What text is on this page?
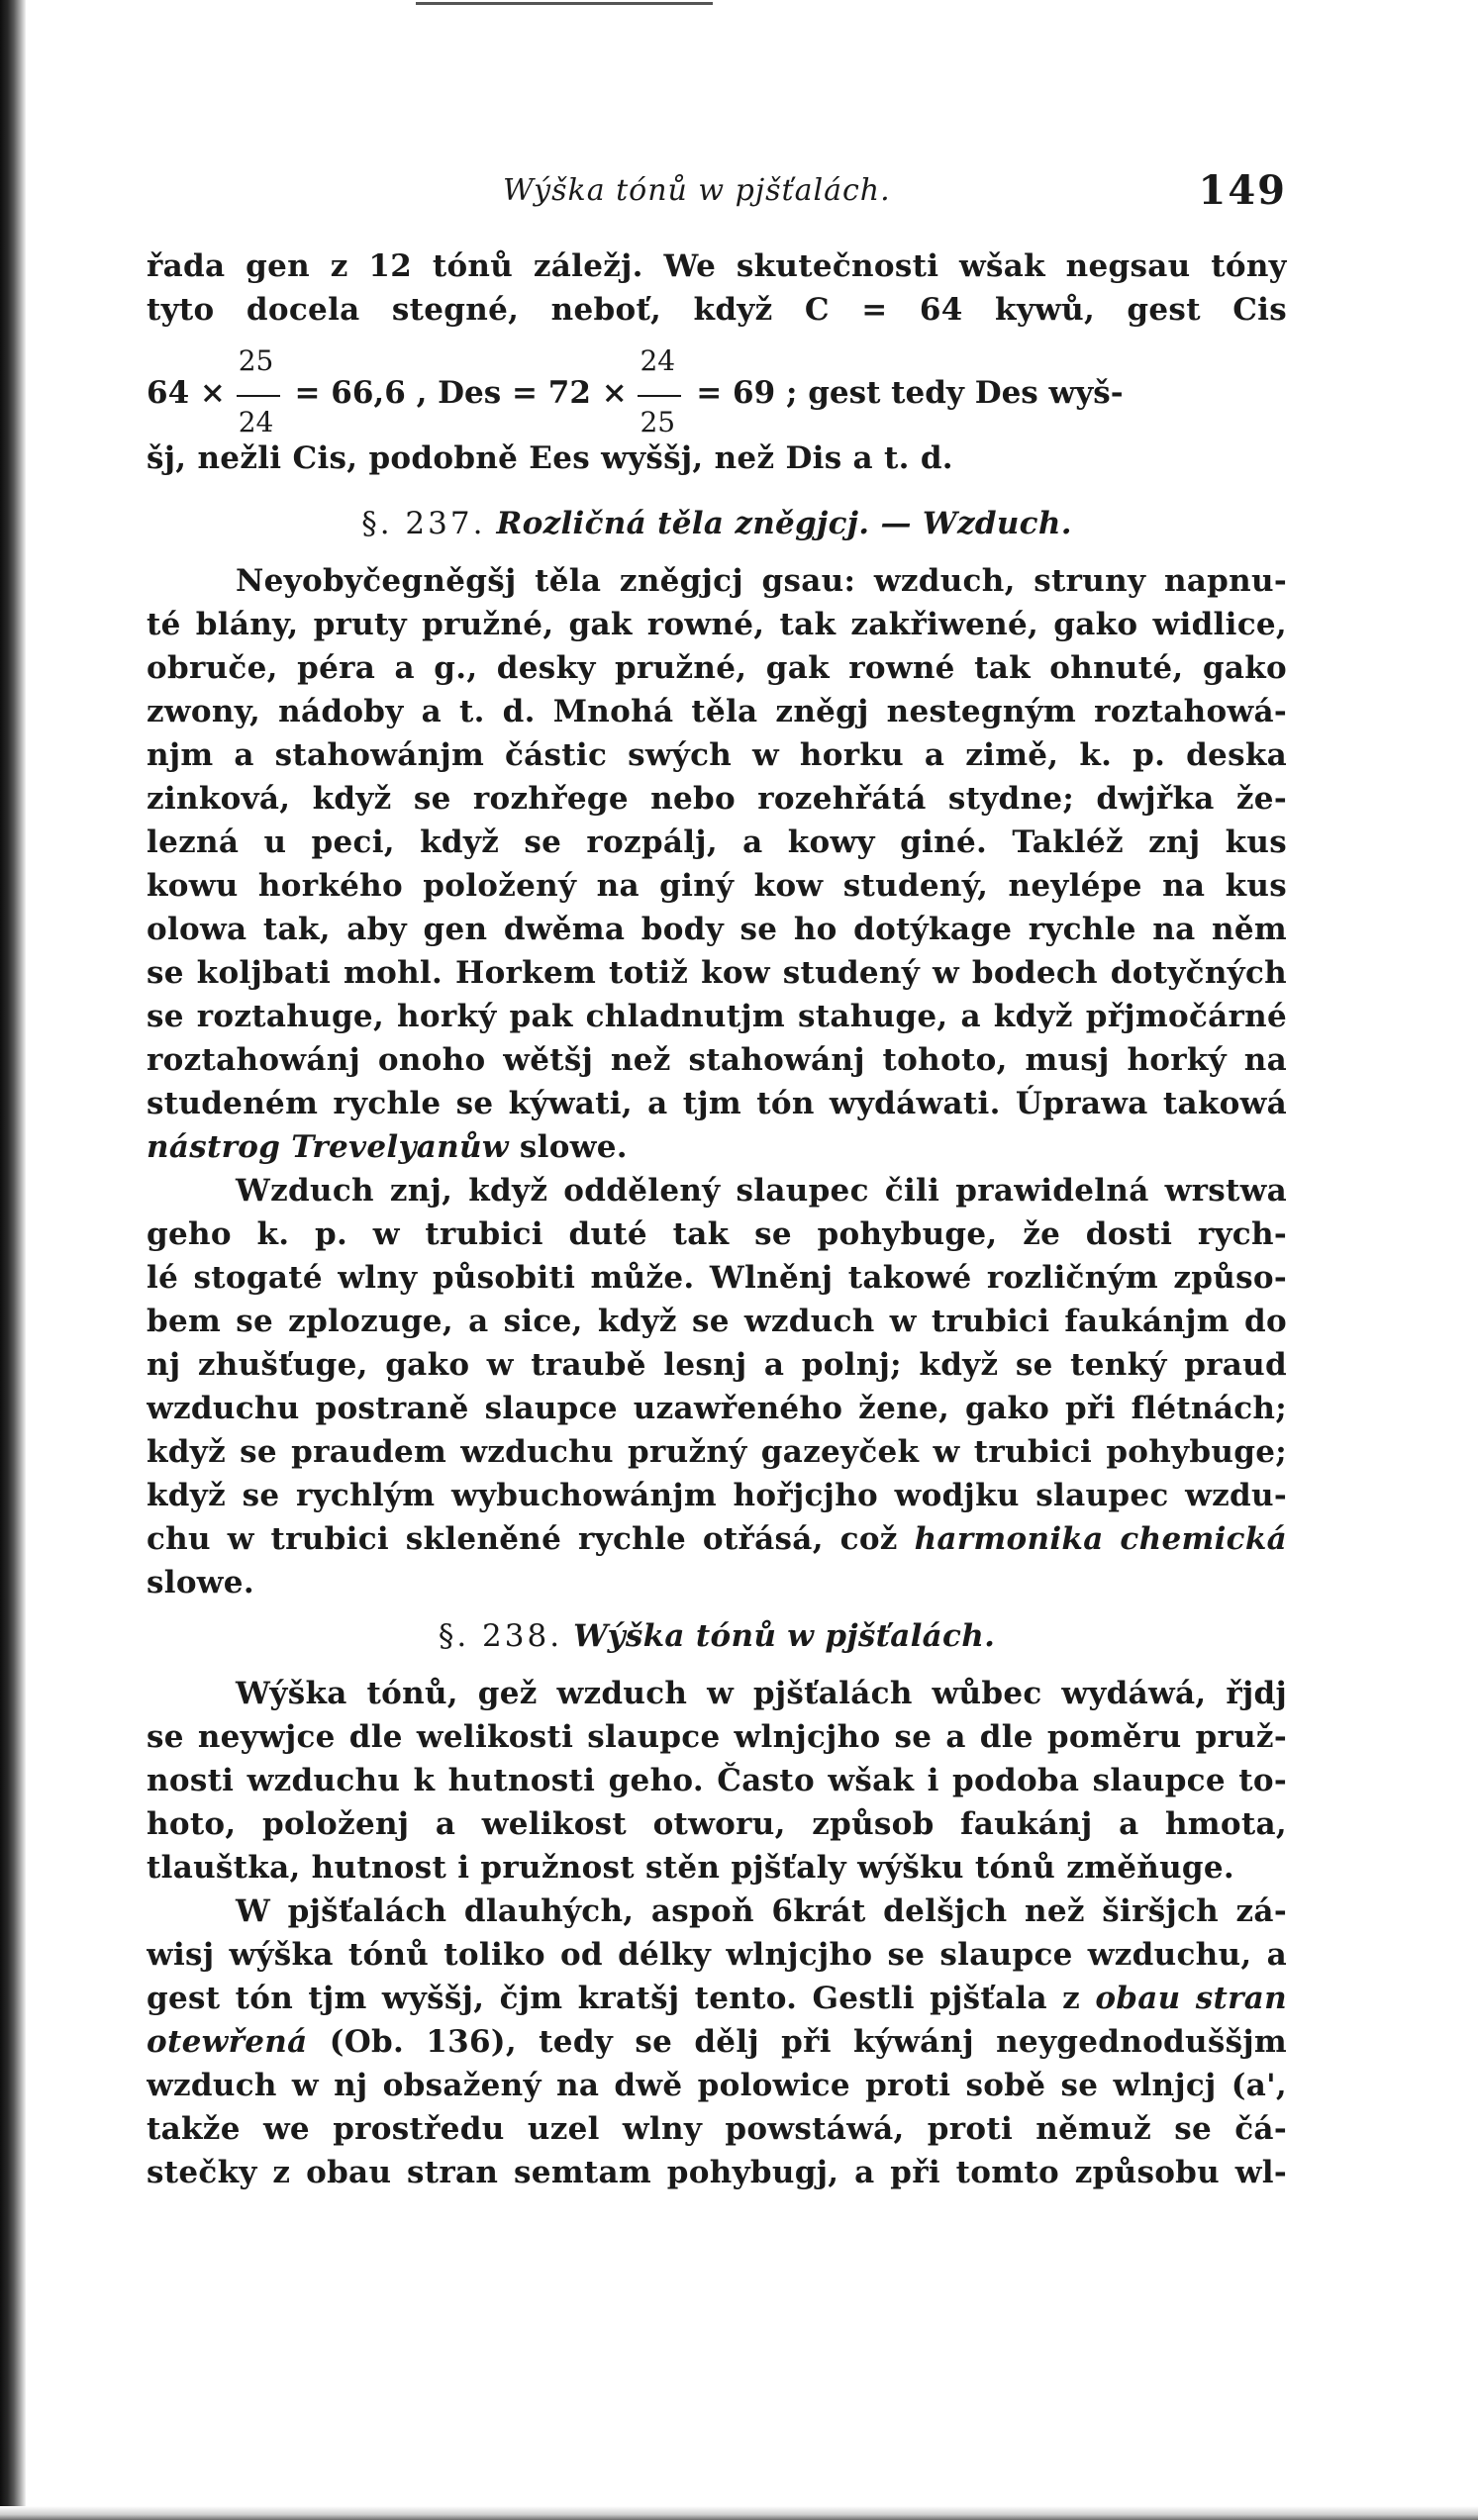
Wýška tónů w pjšťalách.	149
řada gen z 12 tónů záležj. We skutečnosti wšak negsau tóny
tyto docela stegné, neboť, když C = 64 kywů, gest Cis
$64 \times \frac{25}{24} = 66,6$ , Des = $72 \times \frac{24}{25} = 69$ ; gest tedy Des wyš-
šj, nežli Cis, podobně Ees wyššj, než Dis a t. d.
§. 237. Rozličná těla zněgjcj. — Wzduch.
Neyobyčegněgšj těla zněgjcj gsau: wzduch, struny napnu-
té blány, pruty pružné, gak rowné, tak zakřiwené, gako widlice,
obruče, péra a g., desky pružné, gak rowné tak ohnuté, gako
zwony, nádoby a t. d. Mnohá těla zněgj nestegným roztahowá-
njm a stahowánjm částic swých w horku a zimě, k. p. deska
zinková, když se rozhřege nebo rozehřátá stydne; dwjřka že-
lezná u peci, když se rozpálj, a kowy giné. Takléž znj kus
kowu horkého položený na giný kow studený, neylépe na kus
olowa tak, aby gen dwěma body se ho dotýkage rychle na něm
se koljbati mohl. Horkem totiž kow studený w bodech dotyčných
se roztahuge, horký pak chladnutjm stahuge, a když přjmočárné
roztahowánj onoho wětšj než stahowánj tohoto, musj horký na
studeném rychle se kýwati, a tjm tón wydáwati. Úprawa takowá
nástrog Trevelyanůw slowe.
Wzduch znj, když oddělený slaupec čili prawidelná wrstwa
geho k. p. w trubici duté tak se pohybuge, že dosti rych-
lé stogaté wlny působiti může. Wlněnj takowé rozličným způso-
bem se zplozuge, a sice, když se wzduch w trubici faukánjm do
nj zhušťuge, gako w traubě lesnj a polnj; když se tenký praud
wzduchu postraně slaupce uzawřeného žene, gako při flétnách;
když se praudem wzduchu pružný gazeyček w trubici pohybuge;
když se rychlým wybuchowánjm hořjcjho wodjku slaupec wzdu-
chu w trubici skleněné rychle otřásá, což harmonika chemická
slowe.
§. 238. Wýška tónů w pjšťalách.
Wýška tónů, gež wzduch w pjšťalách wůbec wydáwá, řjdj
se neywjce dle welikosti slaupce wlnjcjho se a dle poměru pruž-
nosti wzduchu k hutnosti geho. Často wšak i podoba slaupce to-
hoto, položenj a welikost otworu, způsob faukánj a hmota,
tlauštka, hutnost i pružnost stěn pjšťaly wýšku tónů změňuge.
W pjšťalách dlauhých, aspoň 6krát delšjch než širšjch zá-
wisj wýška tónů toliko od délky wlnjcjho se slaupce wzduchu, a
gest tón tjm wyššj, čjm kratšj tento. Gestli pjšťala z obau stran
otewřená (Ob. 136), tedy se dělj při kýwánj neygednoduššjm
wzduch w nj obsažený na dwě polowice proti sobě se wlnjcj (a',
takže we prostředu uzel wlny powstáwá, proti němuž se čá-
stečky z obau stran semtam pohybugj, a při tomto způsobu wl-
